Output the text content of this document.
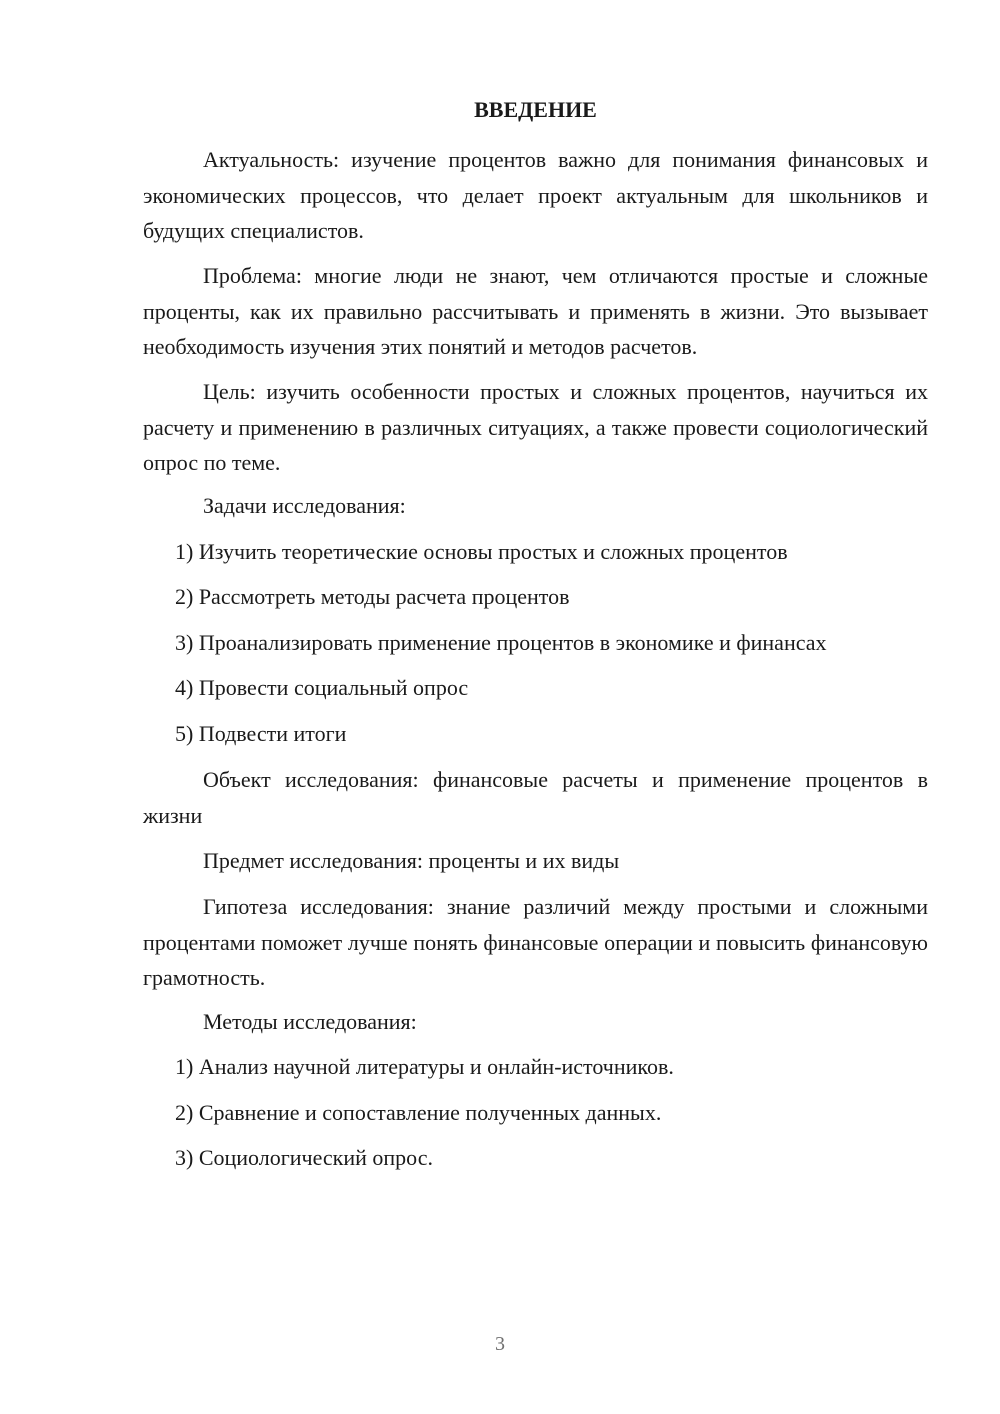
ВВЕДЕНИЕ

Актуальность: изучение процентов важно для понимания финансовых и экономических процессов, что делает проект актуальным для школьников и будущих специалистов.

Проблема: многие люди не знают, чем отличаются простые и сложные проценты, как их правильно рассчитывать и применять в жизни. Это вызывает необходимость изучения этих понятий и методов расчетов.

Цель: изучить особенности простых и сложных процентов, научиться их расчету и применению в различных ситуациях, а также провести социологический опрос по теме.

Задачи исследования:
1) Изучить теоретические основы простых и сложных процентов
2) Рассмотреть методы расчета процентов
3) Проанализировать применение процентов в экономике и финансах
4) Провести социальный опрос
5) Подвести итоги

Объект исследования: финансовые расчеты и применение процентов в жизни

Предмет исследования: проценты и их виды

Гипотеза исследования: знание различий между простыми и сложными процентами поможет лучше понять финансовые операции и повысить финансовую грамотность.

Методы исследования:
1) Анализ научной литературы и онлайн-источников.
2) Сравнение и сопоставление полученных данных.
3) Социологический опрос.
3
